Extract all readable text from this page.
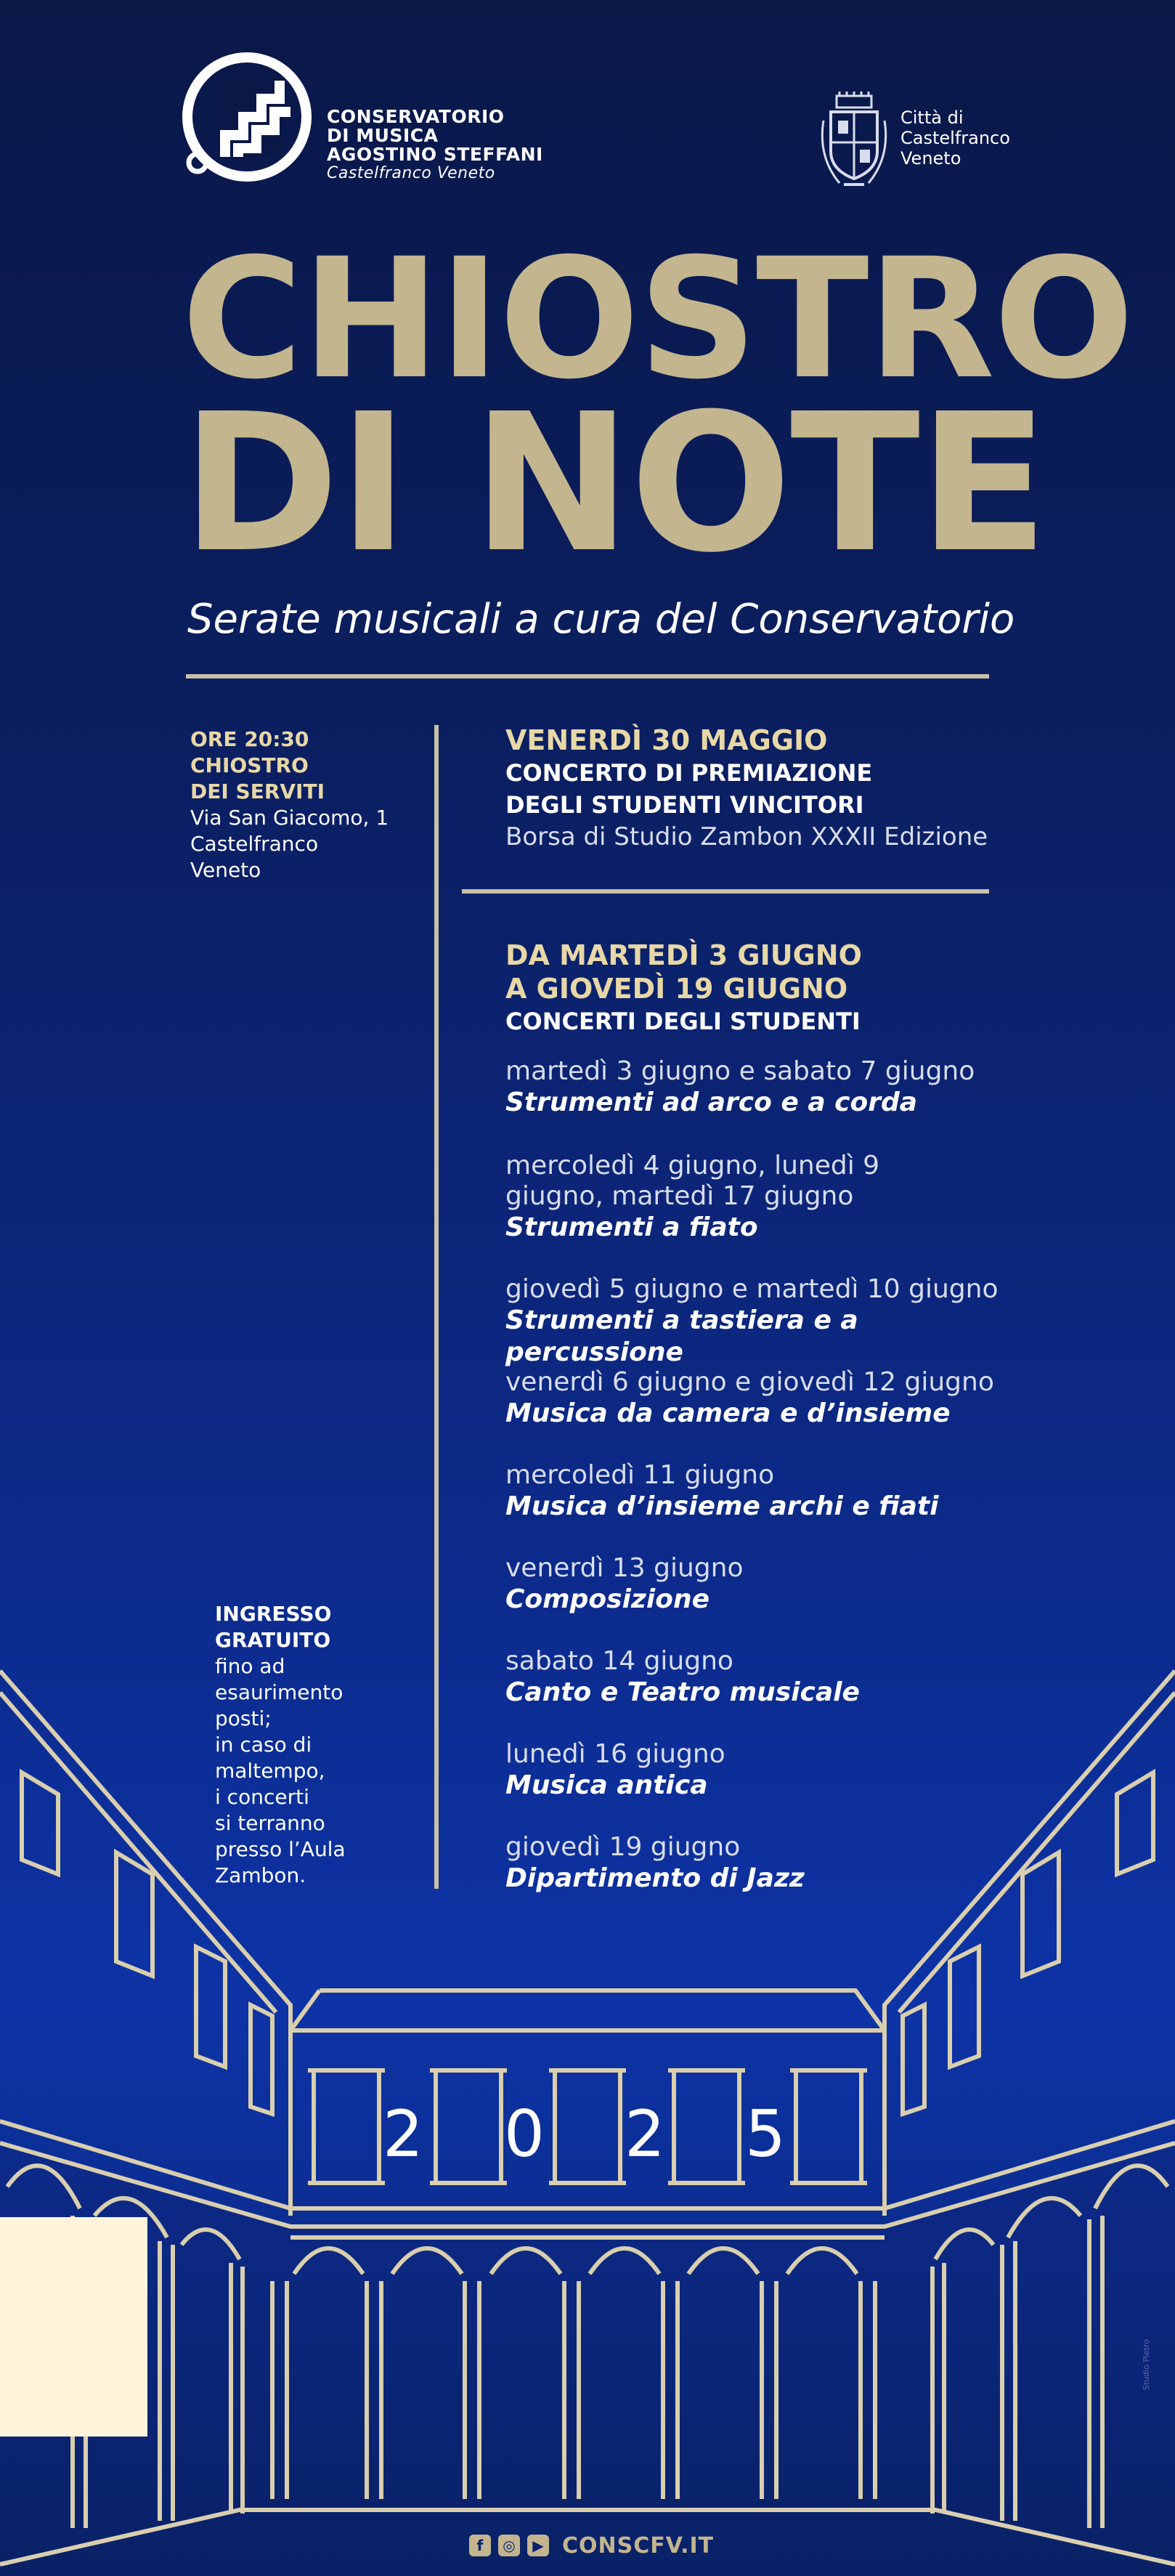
CONSERVATORIO
DI MUSICA
AGOSTINO STEFFANI
Castelfranco Veneto
Città di
Castelfranco
Veneto
CHIOSTRO
DI NOTE
Serate musicali a cura del Conservatorio
ORE 20:30
CHIOSTRO
DEI SERVITI
Via San Giacomo, 1
Castelfranco
Veneto
VENERDÌ 30 MAGGIO
CONCERTO DI PREMIAZIONE
DEGLI STUDENTI VINCITORI
Borsa di Studio Zambon XXXII Edizione
DA MARTEDÌ 3 GIUGNO
A GIOVEDÌ 19 GIUGNO
CONCERTI DEGLI STUDENTI
martedì 3 giugno e sabato 7 giugno
Strumenti ad arco e a corda
mercoledì 4 giugno, lunedì 9 giugno, martedì 17 giugno
Strumenti a fiato
giovedì 5 giugno e martedì 10 giugno
Strumenti a tastiera e a percussione
venerdì 6 giugno e giovedì 12 giugno
Musica da camera e d’insieme
mercoledì 11 giugno
Musica d’insieme archi e fiati
venerdì 13 giugno
Composizione
sabato 14 giugno
Canto e Teatro musicale
lunedì 16 giugno
Musica antica
giovedì 19 giugno
Dipartimento di Jazz
2 0 2 5
INGRESSO
GRATUITO
fino ad
esaurimento
posti;
in caso di
maltempo,
i concerti
si terranno
presso l’Aula
Zambon.
f	◎	▶ CONSCFV.IT
Studio Pietro
